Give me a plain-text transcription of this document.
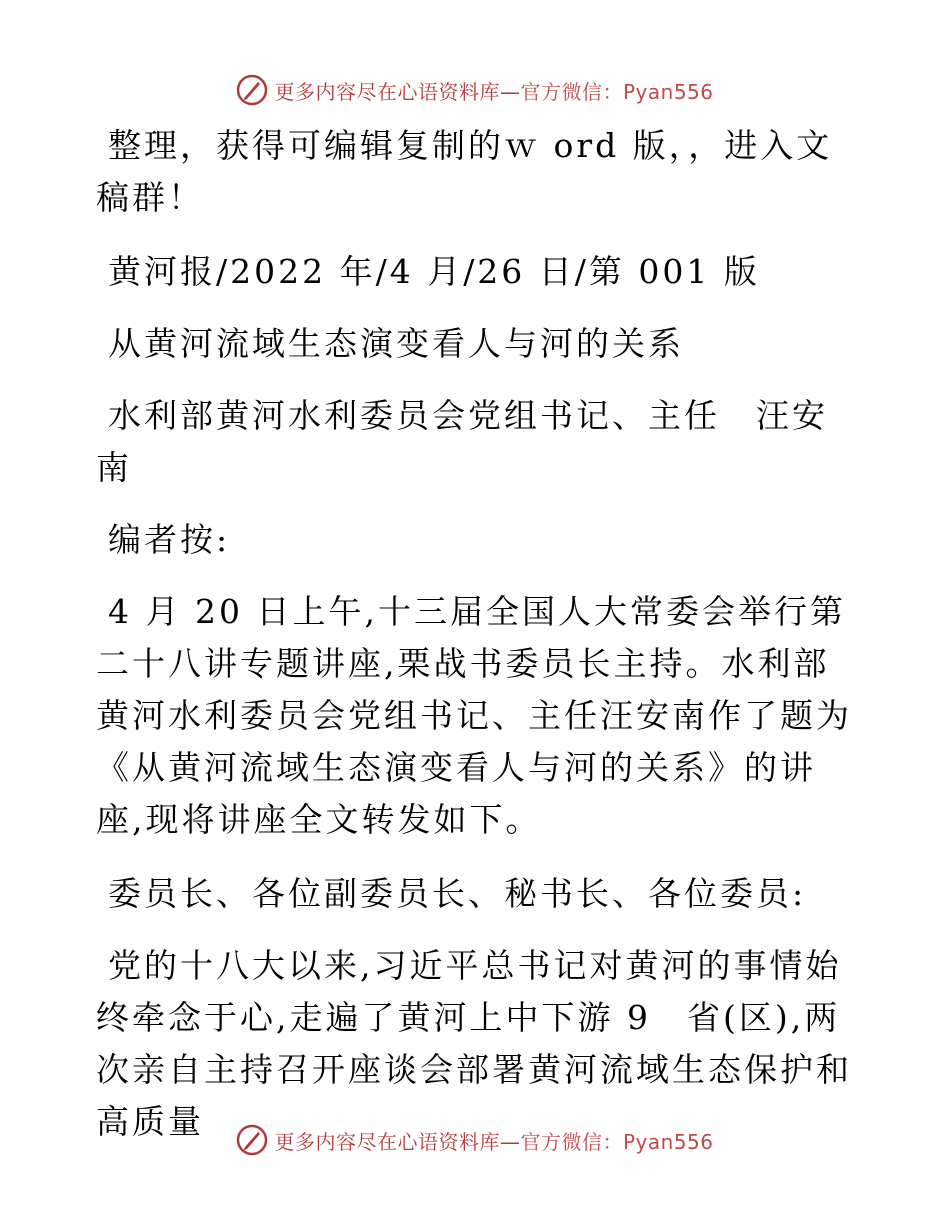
更多内容尽在心语资料库—官方微信：Pyan556

整理，获得可编辑复制的ｗ ord 版，，进入文稿群！

黄河报/2022 年/4 月/26 日/第 001 版

从黄河流域生态演变看人与河的关系

水利部黄河水利委员会党组书记、主任　汪安南

编者按:

4 月 20 日上午,十三届全国人大常委会举行第二十八讲专题讲座,栗战书委员长主持。水利部黄河水利委员会党组书记、主任汪安南作了题为《从黄河流域生态演变看人与河的关系》的讲座,现将讲座全文转发如下。

委员长、各位副委员长、秘书长、各位委员:

党的十八大以来,习近平总书记对黄河的事情始终牵念于心,走遍了黄河上中下游 9　省(区),两次亲自主持召开座谈会部署黄河流域生态保护和高质量

更多内容尽在心语资料库—官方微信：Pyan556
